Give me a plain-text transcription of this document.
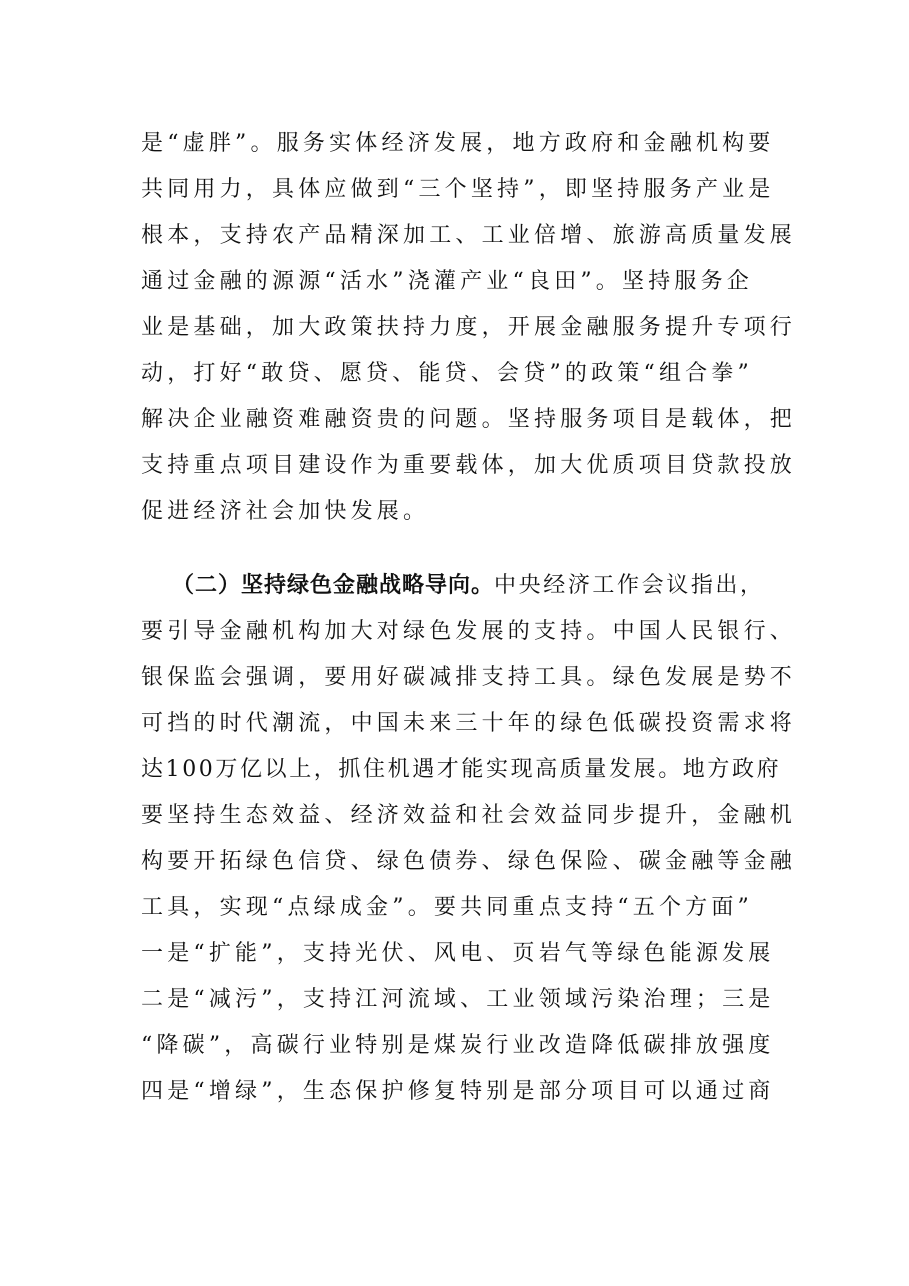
是“虚胖”。服务实体经济发展，地方政府和金融机构要
共同用力，具体应做到“三个坚持”，即坚持服务产业是
根本，支持农产品精深加工、工业倍增、旅游高质量发展
通过金融的源源“活水”浇灌产业“良田”。坚持服务企
业是基础，加大政策扶持力度，开展金融服务提升专项行
动，打好“敢贷、愿贷、能贷、会贷”的政策“组合拳”
解决企业融资难融资贵的问题。坚持服务项目是载体，把
支持重点项目建设作为重要载体，加大优质项目贷款投放
促进经济社会加快发展。
（二）坚持绿色金融战略导向。中央经济工作会议指出，
要引导金融机构加大对绿色发展的支持。中国人民银行、
银保监会强调，要用好碳减排支持工具。绿色发展是势不
可挡的时代潮流，中国未来三十年的绿色低碳投资需求将
达100万亿以上，抓住机遇才能实现高质量发展。地方政府
要坚持生态效益、经济效益和社会效益同步提升，金融机
构要开拓绿色信贷、绿色债券、绿色保险、碳金融等金融
工具，实现“点绿成金”。要共同重点支持“五个方面”
一是“扩能”，支持光伏、风电、页岩气等绿色能源发展
二是“减污”，支持江河流域、工业领域污染治理；三是
“降碳”，高碳行业特别是煤炭行业改造降低碳排放强度
四是“增绿”，生态保护修复特别是部分项目可以通过商
